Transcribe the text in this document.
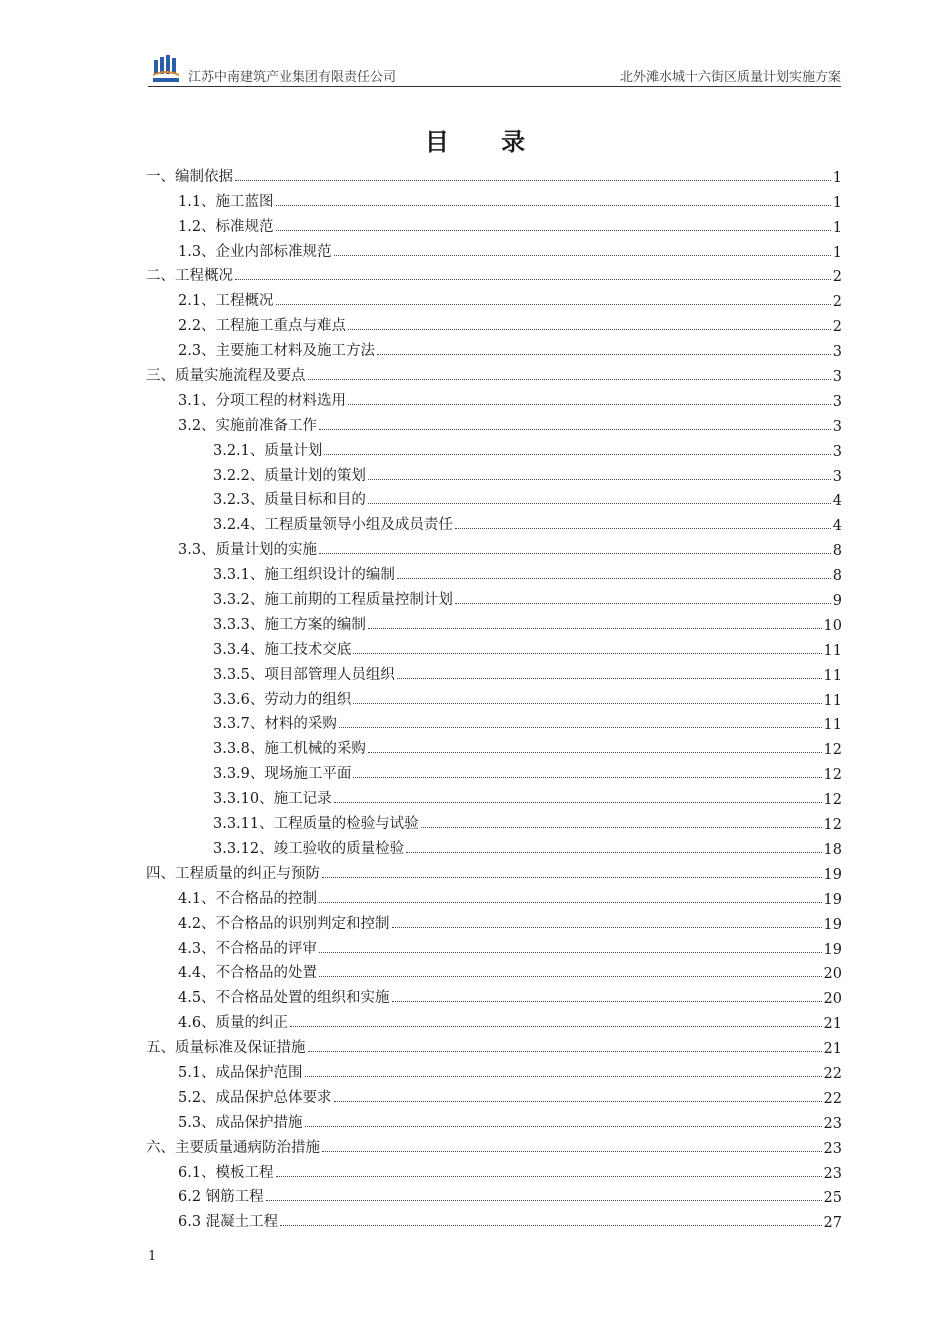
江苏中南建筑产业集团有限责任公司	北外滩水城十六街区质量计划实施方案
目 录
一、编制依据	1
1.1、施工蓝图	1
1.2、标准规范	1
1.3、企业内部标准规范	1
二、工程概况	2
2.1、工程概况	2
2.2、工程施工重点与难点	2
2.3、主要施工材料及施工方法	3
三、质量实施流程及要点	3
3.1、分项工程的材料选用	3
3.2、实施前准备工作	3
3.2.1、质量计划	3
3.2.2、质量计划的策划	3
3.2.3、质量目标和目的	4
3.2.4、工程质量领导小组及成员责任	4
3.3、质量计划的实施	8
3.3.1、施工组织设计的编制	8
3.3.2、施工前期的工程质量控制计划	9
3.3.3、施工方案的编制	10
3.3.4、施工技术交底	11
3.3.5、项目部管理人员组织	11
3.3.6、劳动力的组织	11
3.3.7、材料的采购	11
3.3.8、施工机械的采购	12
3.3.9、现场施工平面	12
3.3.10、施工记录	12
3.3.11、工程质量的检验与试验	12
3.3.12、竣工验收的质量检验	18
四、工程质量的纠正与预防	19
4.1、不合格品的控制	19
4.2、不合格品的识别判定和控制	19
4.3、不合格品的评审	19
4.4、不合格品的处置	20
4.5、不合格品处置的组织和实施	20
4.6、质量的纠正	21
五、质量标准及保证措施	21
5.1、成品保护范围	22
5.2、成品保护总体要求	22
5.3、成品保护措施	23
六、主要质量通病防治措施	23
6.1、模板工程	23
6.2 钢筋工程	25
6.3 混凝土工程	27
1
